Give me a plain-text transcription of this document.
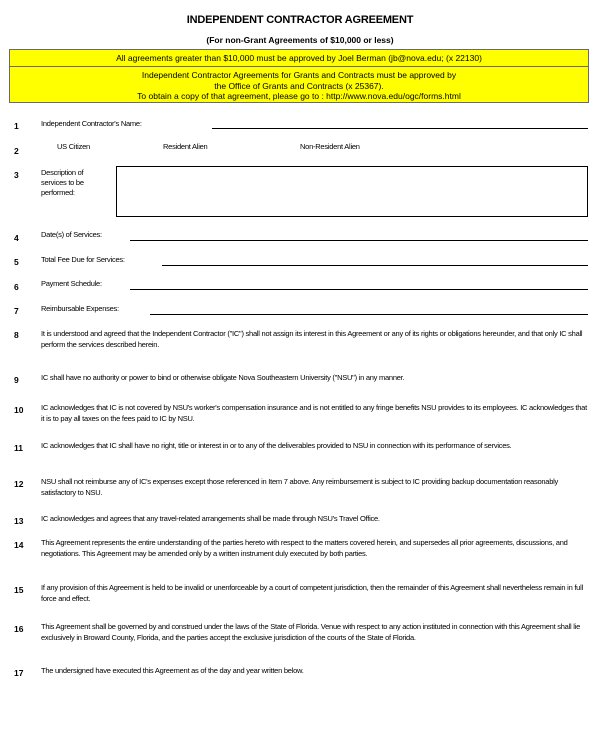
INDEPENDENT CONTRACTOR AGREEMENT
(For non-Grant Agreements of $10,000 or less)
All agreements greater than $10,000 must be approved by Joel Berman (jb@nova.edu; (x 22130)
Independent Contractor Agreements for Grants and Contracts must be approved by
the Office of Grants and Contracts (x 25367).
To obtain a copy of that agreement, please go to : http://www.nova.edu/ogc/forms.html
1	Independent Contractor's Name:
2	US Citizen	Resident Alien	Non-Resident Alien
3	Description of
services to be
performed:
4	Date(s) of Services:
5	Total Fee Due for Services:
6	Payment Schedule:
7	Reimbursable Expenses:
8	It is understood and agreed that the Independent Contractor ("IC") shall not assign its interest in this Agreement or any of its rights or obligations hereunder, and that only IC shall perform the services described herein.
9	IC shall have no authority or power to bind or otherwise obligate Nova Southeastern University ("NSU") in any manner.
10 IC acknowledges that IC is not covered by NSU's worker's compensation insurance and is not entitled to any fringe benefits NSU provides to its employees. IC acknowledges that it is to pay all taxes on the fees paid to IC by NSU.
11 IC acknowledges that IC shall have no right, title or interest in or to any of the deliverables provided to NSU in connection with its performance of services.
12 NSU shall not reimburse any of IC's expenses except those referenced in Item 7 above. Any reimbursement is subject to IC providing backup documentation reasonably satisfactory to NSU.
13 IC acknowledges and agrees that any travel-related arrangements shall be made through NSU's Travel Office.
14 This Agreement represents the entire understanding of the parties hereto with respect to the matters covered herein, and supersedes all prior agreements, discussions, and negotiations. This Agreement may be amended only by a written instrument duly executed by both parties.
15 If any provision of this Agreement is held to be invalid or unenforceable by a court of competent jurisdiction, then the remainder of this Agreement shall nevertheless remain in full force and effect.
16 This Agreement shall be governed by and construed under the laws of the State of Florida. Venue with respect to any action instituted in connection with this Agreement shall lie exclusively in Broward County, Florida, and the parties accept the exclusive jurisdiction of the courts of the State of Florida.
17 The undersigned have executed this Agreement as of the day and year written below.
